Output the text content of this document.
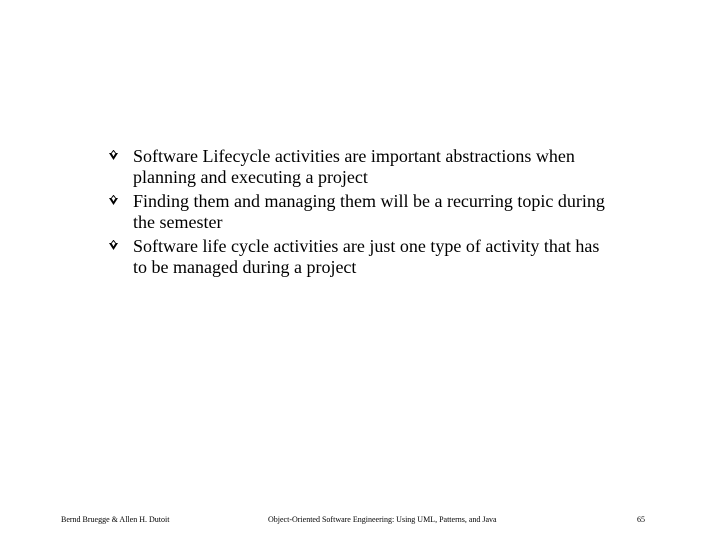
Software Lifecycle activities are important abstractions when planning and executing a project
Finding them and managing them will be a recurring topic during the semester
Software life cycle activities are just one type of activity that has to be managed during a project
Bernd Bruegge & Allen H. Dutoit	Object-Oriented Software Engineering: Using UML, Patterns, and Java	65
